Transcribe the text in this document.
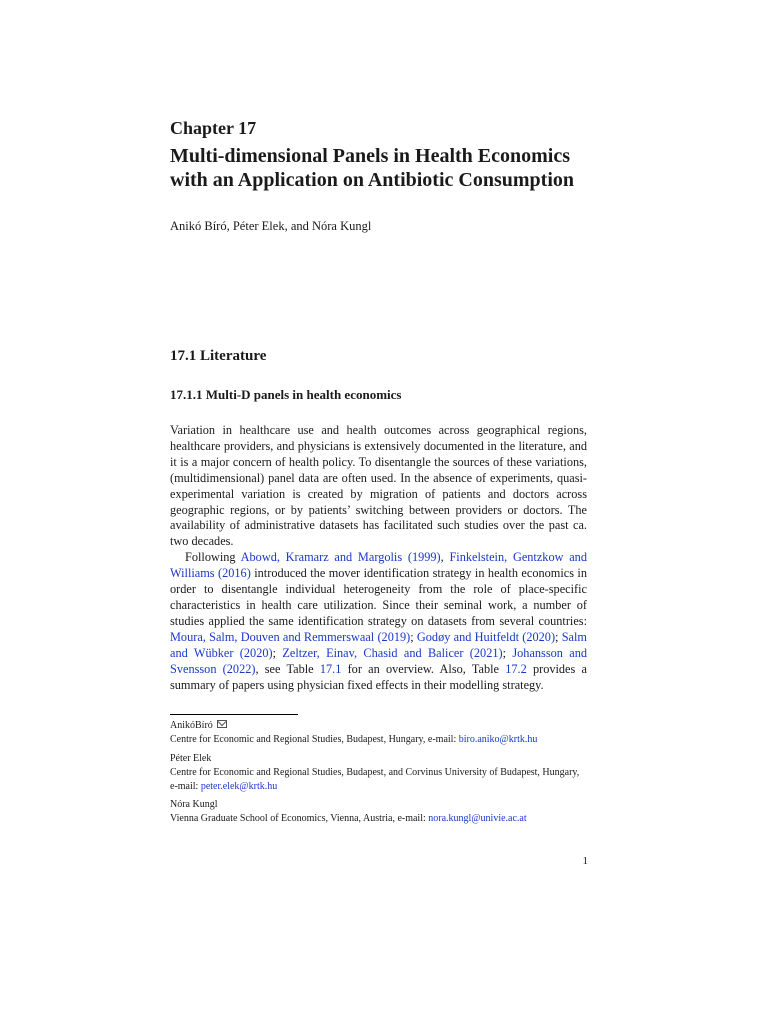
Chapter 17
Multi-dimensional Panels in Health Economics with an Application on Antibiotic Consumption
Anikó Bíró, Péter Elek, and Nóra Kungl
17.1 Literature
17.1.1 Multi-D panels in health economics

Variation in healthcare use and health outcomes across geographical regions, healthcare providers, and physicians is extensively documented in the literature, and it is a major concern of health policy. To disentangle the sources of these variations, (multidimensional) panel data are often used. In the absence of experiments, quasi-experimental variation is created by migration of patients and doctors across geographic regions, or by patients’ switching between providers or doctors. The availability of administrative datasets has facilitated such studies over the past ca. two decades.

Following Abowd, Kramarz and Margolis (1999), Finkelstein, Gentzkow and Williams (2016) introduced the mover identification strategy in health economics in order to disentangle individual heterogeneity from the role of place-specific characteristics in health care utilization. Since their seminal work, a number of studies applied the same identification strategy on datasets from several countries: Moura, Salm, Douven and Remmerswaal (2019); Godøy and Huitfeldt (2020); Salm and Wübker (2020); Zeltzer, Einav, Chasid and Balicer (2021); Johansson and Svensson (2022), see Table 17.1 for an overview. Also, Table 17.2 provides a summary of papers using physician fixed effects in their modelling strategy.

AnikóBíró
Centre for Economic and Regional Studies, Budapest, Hungary, e-mail: biro.aniko@krtk.hu
Péter Elek
Centre for Economic and Regional Studies, Budapest, and Corvinus University of Budapest, Hungary,
e-mail: peter.elek@krtk.hu
Nóra Kungl
Vienna Graduate School of Economics, Vienna, Austria, e-mail: nora.kungl@univie.ac.at
1
